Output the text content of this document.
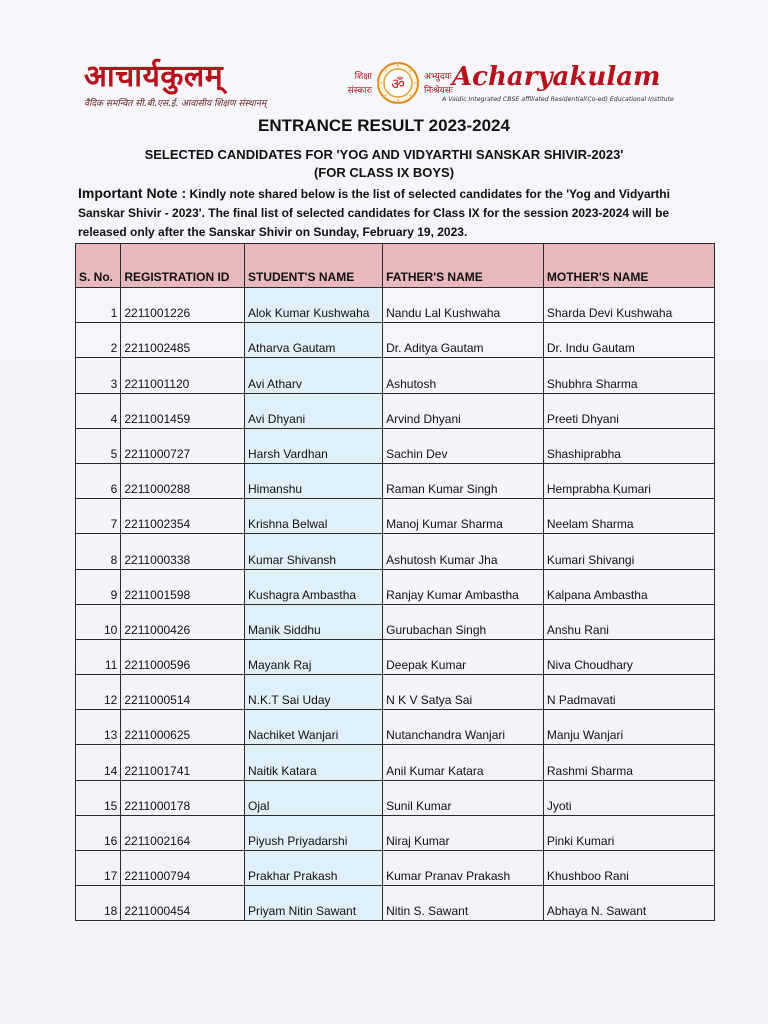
आचार्यकुलम्
वैदिक समन्वित सी.बी.एस.ई. आवासीय शिक्षण संस्थानम्
शिक्षा
संस्कारः ॐ अभ्युदयः
निःश्रेयसः Acharyakulam
A Vaidic Integrated CBSE affiliated Residential(Co-ed) Educational Institute
ENTRANCE RESULT 2023-2024
SELECTED CANDIDATES FOR 'YOG AND VIDYARTHI SANSKAR SHIVIR-2023'
(FOR CLASS IX BOYS)
Important Note : Kindly note shared below is the list of selected candidates for the 'Yog and Vidyarthi Sanskar Shivir - 2023'. The final list of selected candidates for Class IX for the session 2023-2024 will be released only after the Sanskar Shivir on Sunday, February 19, 2023.
S. No.	REGISTRATION ID	STUDENT'S NAME	FATHER'S NAME	MOTHER'S NAME
1	2211001226	Alok Kumar Kushwaha	Nandu Lal Kushwaha	Sharda Devi Kushwaha
2	2211002485	Atharva Gautam	Dr. Aditya Gautam	Dr. Indu Gautam
3	2211001120	Avi Atharv	Ashutosh	Shubhra Sharma
4	2211001459	Avi Dhyani	Arvind Dhyani	Preeti Dhyani
5	2211000727	Harsh Vardhan	Sachin Dev	Shashiprabha
6	2211000288	Himanshu	Raman Kumar Singh	Hemprabha Kumari
7	2211002354	Krishna Belwal	Manoj Kumar Sharma	Neelam Sharma
8	2211000338	Kumar Shivansh	Ashutosh Kumar Jha	Kumari Shivangi
9	2211001598	Kushagra Ambastha	Ranjay Kumar Ambastha	Kalpana Ambastha
10	2211000426	Manik Siddhu	Gurubachan Singh	Anshu Rani
11	2211000596	Mayank Raj	Deepak Kumar	Niva Choudhary
12	2211000514	N.K.T Sai Uday	N K V Satya Sai	N Padmavati
13	2211000625	Nachiket Wanjari	Nutanchandra Wanjari	Manju Wanjari
14	2211001741	Naitik Katara	Anil Kumar Katara	Rashmi Sharma
15	2211000178	Ojal	Sunil Kumar	Jyoti
16	2211002164	Piyush Priyadarshi	Niraj Kumar	Pinki Kumari
17	2211000794	Prakhar Prakash	Kumar Pranav Prakash	Khushboo Rani
18	2211000454	Priyam Nitin Sawant	Nitin S. Sawant	Abhaya N. Sawant
